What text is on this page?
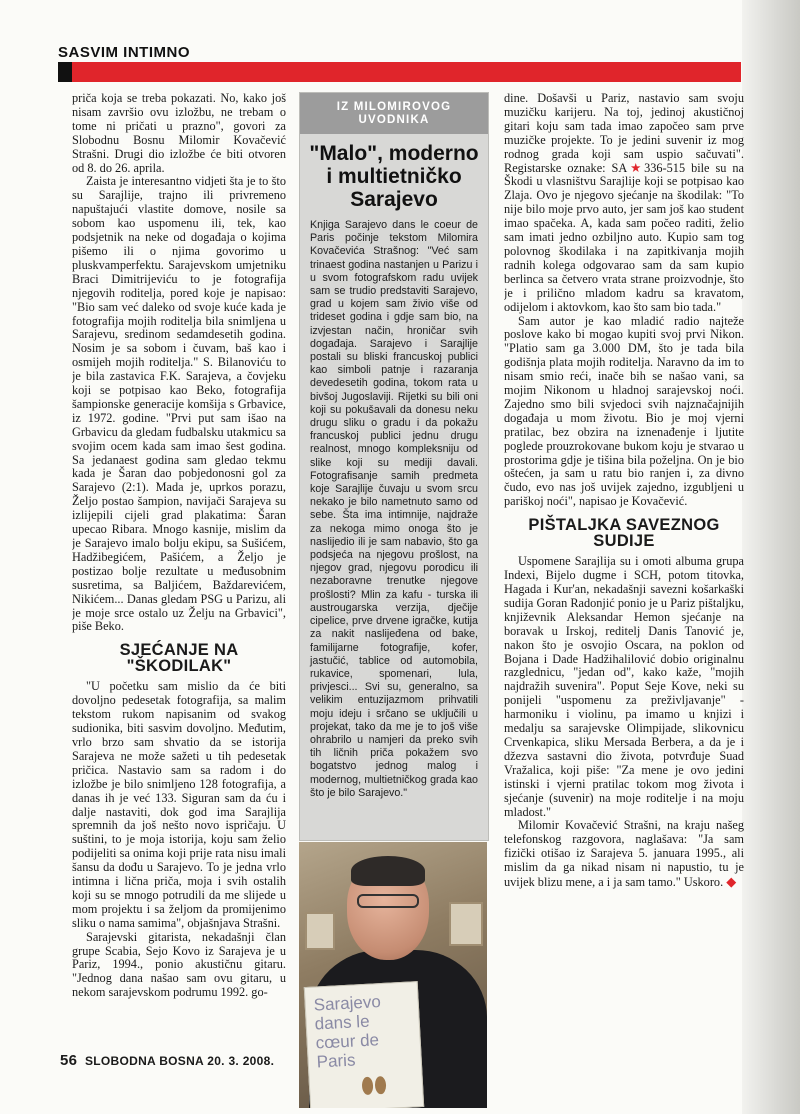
SASVIM INTIMNO

priča koja se treba pokazati. No, kako još nisam završio ovu izložbu, ne trebam o tome ni pričati u prazno", govori za Slobodnu Bosnu Milomir Kovačević Strašni. Drugi dio izložbe će biti otvoren od 8. do 26. aprila.

Zaista je interesantno vidjeti šta je to što su Sarajlije, trajno ili privremeno napuštajući vlastite domove, nosile sa sobom kao uspomenu ili, tek, kao podsjetnik na neke od događaja o kojima pišemo ili o njima govorimo u pluskvamperfektu. Sarajevskom umjetniku Braci Dimitrijeviću to je fotografija njegovih roditelja, pored koje je napisao: "Bio sam već daleko od svoje kuće kada je fotografija mojih roditelja bila snimljena u Sarajevu, sredinom sedamdesetih godina. Nosim je sa sobom i čuvam, baš kao i osmijeh mojih roditelja." S. Bilanoviću to je bila zastavica F.K. Sarajeva, a čovjeku koji se potpisao kao Beko, fotografija šampionske generacije komšija s Grbavice, iz 1972. godine. "Prvi put sam išao na Grbavicu da gledam fudbalsku utakmicu sa svojim ocem kada sam imao šest godina. Sa jedanaest godina sam gledao tekmu kada je Šaran dao pobjedonosni gol za Sarajevo (2:1). Mada je, uprkos porazu, Željo postao šampion, navijači Sarajeva su izlijepili cijeli grad plakatima: Šaran upecao Ribara. Mnogo kasnije, mislim da je Sarajevo imalo bolju ekipu, sa Sušićem, Hadžibegićem, Pašićem, a Željo je postizao bolje rezultate u međusobnim susretima, sa Baljićem, Baždarevićem, Nikićem... Danas gledam PSG u Parizu, ali je moje srce ostalo uz Želju na Grbavici", piše Beko.

SJEĆANJE NA "ŠKODILAK"

"U početku sam mislio da će biti dovoljno pedesetak fotografija, sa malim tekstom rukom napisanim od svakog sudionika, biti sasvim dovoljno. Međutim, vrlo brzo sam shvatio da se istorija Sarajeva ne može sažeti u tih pedesetak pričica. Nastavio sam sa radom i do izložbe je bilo snimljeno 128 fotografija, a danas ih je već 133. Siguran sam da ću i dalje nastaviti, dok god ima Sarajlija spremnih da još nešto novo ispričaju. U suštini, to je moja istorija, koju sam želio podijeliti sa onima koji prije rata nisu imali šansu da dođu u Sarajevo. To je jedna vrlo intimna i lična priča, moja i svih ostalih koji su se mnogo potrudili da me slijede u mom projektu i sa željom da promijenimo sliku o nama samima", objašnjava Strašni.

Sarajevski gitarista, nekadašnji član grupe Scabia, Sejo Kovo iz Sarajeva je u Pariz, 1994., ponio akustičnu gitaru. "Jednog dana našao sam ovu gitaru, u nekom sarajevskom podrumu 1992. go-

IZ MILOMIROVOG UVODNIKA
"Malo", moderno i multietničko Sarajevo
Knjiga Sarajevo dans le coeur de Paris počinje tekstom Milomira Kovačevića Strašnog: "Već sam trinaest godina nastanjen u Parizu i u svom fotografskom radu uvijek sam se trudio predstaviti Sarajevo, grad u kojem sam živio više od trideset godina i gdje sam bio, na izvjestan način, hroničar svih događaja. Sarajevo i Sarajlije postali su bliski francuskoj publici kao simboli patnje i razaranja devedesetih godina, tokom rata u bivšoj Jugoslaviji. Rijetki su bili oni koji su pokušavali da donesu neku drugu sliku o gradu i da pokažu francuskoj publici jednu drugu realnost, mnogo kompleksniju od slike koji su mediji davali. Fotografisanje samih predmeta koje Sarajlije čuvaju u svom srcu nekako je bilo nametnuto samo od sebe. Šta ima intimnije, najdraže za nekoga mimo onoga što je naslijedio ili je sam nabavio, što ga podsjeća na njegovu prošlost, na njegov grad, njegovu porodicu ili nezaboravne trenutke njegove prošlosti? Mlin za kafu - turska ili austrougarska verzija, dječije cipelice, prve drvene igračke, kutija za nakit naslijeđena od bake, familijarne fotografije, kofer, jastučić, tablice od automobila, rukavice, spomenari, lula, privjesci... Svi su, generalno, sa velikim entuzijazmom prihvatili moju ideju i srčano se uključili u projekat, tako da me je to još više ohrabrilo u namjeri da preko svih tih ličnih priča pokažem svo bogatstvo jednog malog i modernog, multietničkog grada kao što je bilo Sarajevo."
Sarajevo dans le cœur de Paris

dine. Došavši u Pariz, nastavio sam svoju muzičku karijeru. Na toj, jedinoj akustičnoj gitari koju sam tada imao započeo sam prve muzičke projekte. To je jedini suvenir iz mog rodnog grada koji sam uspio sačuvati". Registarske oznake: SA★336-515 bile su na Škodi u vlasništvu Sarajlije koji se potpisao kao Zlaja. Ovo je njegovo sjećanje na škodilak: "To nije bilo moje prvo auto, jer sam još kao student imao spačeka. A, kada sam počeo raditi, želio sam imati jedno ozbiljno auto. Kupio sam tog polovnog škodilaka i na zapitkivanja mojih radnih kolega odgovarao sam da sam kupio berlinca sa četvero vrata strane proizvodnje, što je i prilično mladom kadru sa kravatom, odijelom i aktovkom, kao što sam bio tada."

Sam autor je kao mladić radio najteže poslove kako bi mogao kupiti svoj prvi Nikon. "Platio sam ga 3.000 DM, što je tada bila godišnja plata mojih roditelja. Naravno da im to nisam smio reći, inače bih se našao vani, sa mojim Nikonom u hladnoj sarajevskoj noći. Zajedno smo bili svjedoci svih najznačajnijih događaja u mom životu. Bio je moj vjerni pratilac, bez obzira na iznenađenje i ljutite poglede prouzrokovane bukom koju je stvarao u prostorima gdje je tišina bila poželjna. On je bio oštećen, ja sam u ratu bio ranjen i, za divno čudo, evo nas još uvijek zajedno, izgubljeni u pariškoj noći", napisao je Kovačević.

PIŠTALJKA SAVEZNOG SUDIJE

Uspomene Sarajlija su i omoti albuma grupa Indexi, Bijelo dugme i SCH, potom titovka, Hagada i Kur'an, nekadašnji savezni košarkaški sudija Goran Radonjić ponio je u Pariz pištaljku, književnik Aleksandar Hemon sjećanje na boravak u Irskoj, reditelj Danis Tanović je, nakon što je osvojio Oscara, na poklon od Bojana i Dade Hadžihalilović dobio originalnu razglednicu, "jedan od", kako kaže, "mojih najdražih suvenira". Poput Seje Kove, neki su ponijeli "uspomenu za preživljavanje" - harmoniku i violinu, pa imamo u knjizi i medalju sa sarajevske Olimpijade, slikovnicu Crvenkapica, sliku Mersada Berbera, a da je i džezva sastavni dio života, potvrđuje Suad Vražalica, koji piše: "Za mene je ovo jedini istinski i vjerni pratilac tokom mog života i sjećanje (suvenir) na moje roditelje i na moju mladost."

Milomir Kovačević Strašni, na kraju našeg telefonskog razgovora, naglašava: "Ja sam fizički otišao iz Sarajeva 5. januara 1995., ali mislim da ga nikad nisam ni napustio, tu je uvijek blizu mene, a i ja sam tamo." Uskoro. ◆

56 SLOBODNA BOSNA 20. 3. 2008.
